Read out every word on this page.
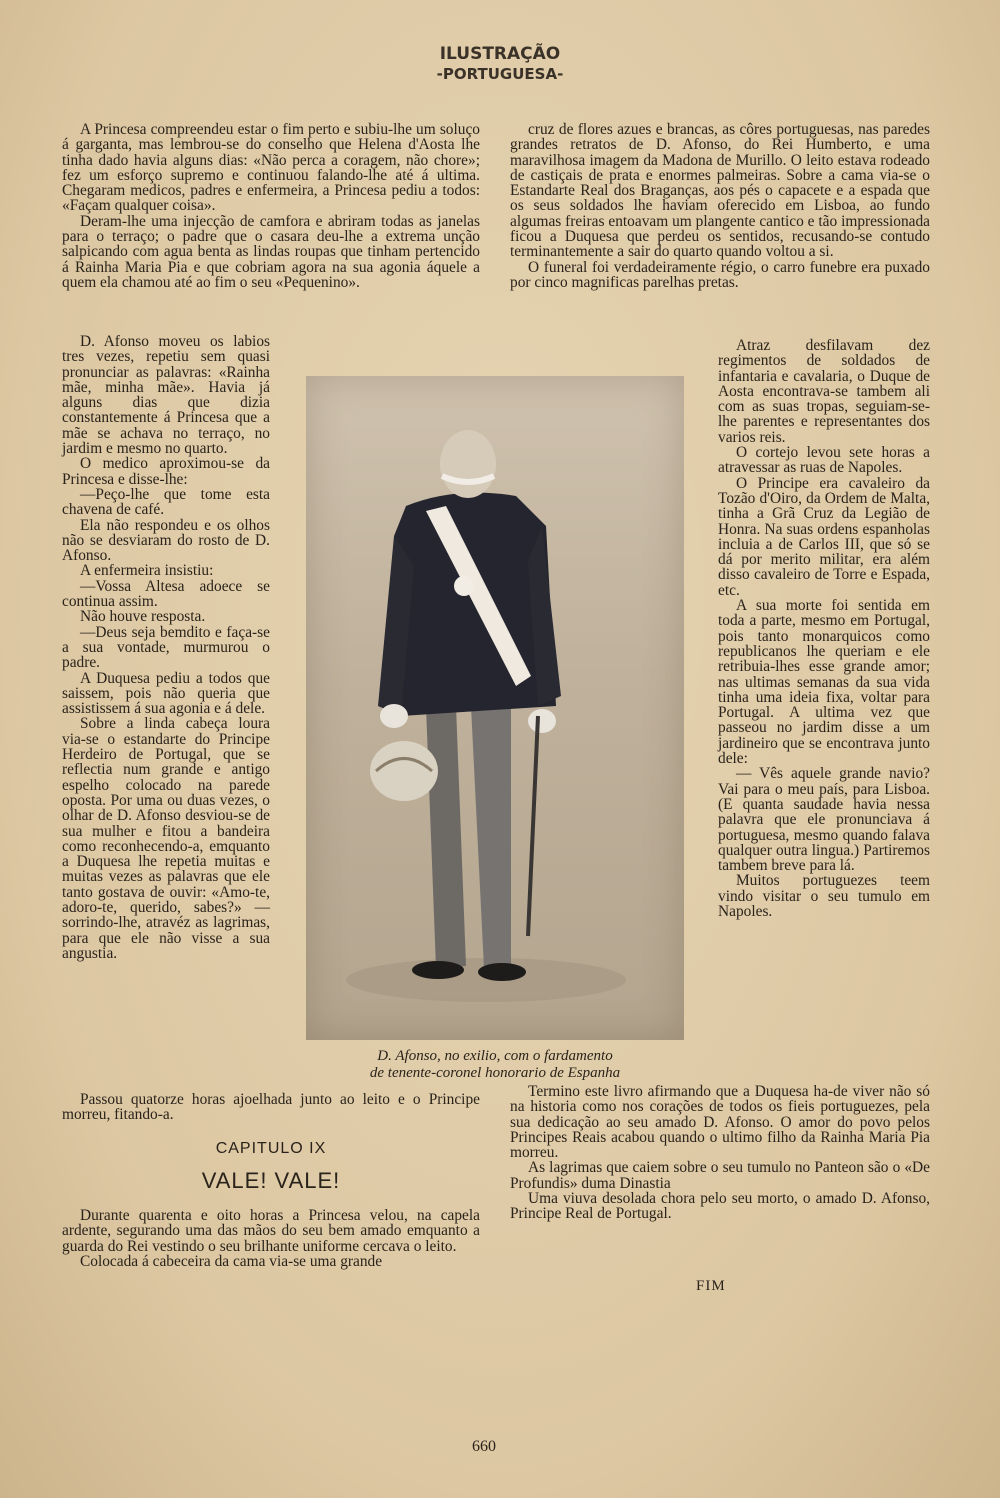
ILUSTRAÇÃO
-PORTUGUESA-

A Princesa compreendeu estar o fim perto e subiu-lhe um soluço á garganta, mas lembrou-se do conselho que Helena d'Aosta lhe tinha dado havia alguns dias: «Não perca a coragem, não chore»; fez um esforço supremo e continuou falando-lhe até á ultima. Chegaram medicos, padres e enfermeira, a Princesa pediu a todos: «Façam qualquer coisa».

Deram-lhe uma injecção de camfora e abriram todas as janelas para o terraço; o padre que o casara deu-lhe a extrema unção salpicando com agua benta as lindas roupas que tinham pertencido á Rainha Maria Pia e que cobriam agora na sua agonia áquele a quem ela chamou até ao fim o seu «Pequenino».

D. Afonso moveu os labios tres vezes, repetiu sem quasi pronunciar as palavras: «Rainha mãe, minha mãe». Havia já alguns dias que dizia constantemente á Princesa que a mãe se achava no terraço, no jardim e mesmo no quarto.

O medico aproximou-se da Princesa e disse-lhe:

—Peço-lhe que tome esta chavena de café.

Ela não respondeu e os olhos não se desviaram do rosto de D. Afonso.

A enfermeira insistiu:

—Vossa Altesa adoece se continua assim.

Não houve resposta.

—Deus seja bemdito e faça-se a sua vontade, murmurou o padre.

A Duquesa pediu a todos que saissem, pois não queria que assistissem á sua agonia e á dele.

Sobre a linda cabeça loura via-se o estandarte do Principe Herdeiro de Portugal, que se reflectia num grande e antigo espelho colocado na parede oposta. Por uma ou duas vezes, o olhar de D. Afonso desviou-se de sua mulher e fitou a bandeira como reconhecendo-a, emquanto a Duquesa lhe repetia muitas e muitas vezes as palavras que ele tanto gostava de ouvir: «Amo-te, adoro-te, querido, sabes?» —sorrindo-lhe, atravéz as lagrimas, para que ele não visse a sua angustia.

Passou quatorze horas ajoelhada junto ao leito e o Principe morreu, fitando-a.

CAPITULO IX
VALE! VALE!

Durante quarenta e oito horas a Princesa velou, na capela ardente, segurando uma das mãos do seu bem amado emquanto a guarda do Rei vestindo o seu brilhante uniforme cercava o leito.

Colocada á cabeceira da cama via-se uma grande

cruz de flores azues e brancas, as côres portuguesas, nas paredes grandes retratos de D. Afonso, do Rei Humberto, e uma maravilhosa imagem da Madona de Murillo. O leito estava rodeado de castiçais de prata e enormes palmeiras. Sobre a cama via-se o Estandarte Real dos Braganças, aos pés o capacete e a espada que os seus soldados lhe haviam oferecido em Lisboa, ao fundo algumas freiras entoavam um plangente cantico e tão impressionada ficou a Duquesa que perdeu os sentidos, recusando-se contudo terminantemente a sair do quarto quando voltou a si.

O funeral foi verdadeiramente régio, o carro funebre era puxado por cinco magnificas parelhas pretas.

Atraz desfilavam dez regimentos de soldados de infantaria e cavalaria, o Duque de Aosta encontrava-se tambem ali com as suas tropas, seguiam-se-lhe parentes e representantes dos varios reis.

O cortejo levou sete horas a atravessar as ruas de Napoles.

O Principe era cavaleiro da Tozão d'Oiro, da Ordem de Malta, tinha a Grã Cruz da Legião de Honra. Na suas ordens espanholas incluia a de Carlos III, que só se dá por merito militar, era além disso cavaleiro de Torre e Espada, etc.

A sua morte foi sentida em toda a parte, mesmo em Portugal, pois tanto monarquicos como republicanos lhe queriam e ele retribuia-lhes esse grande amor; nas ultimas semanas da sua vida tinha uma ideia fixa, voltar para Portugal. A ultima vez que passeou no jardim disse a um jardineiro que se encontrava junto dele:

— Vês aquele grande navio? Vai para o meu país, para Lisboa. (E quanta saudade havia nessa palavra que ele pronunciava á portuguesa, mesmo quando falava qualquer outra lingua.) Partiremos tambem breve para lá.

Muitos portuguezes teem vindo visitar o seu tumulo em Napoles.

Termino este livro afirmando que a Duquesa ha-de viver não só na historia como nos corações de todos os fieis portuguezes, pela sua dedicação ao seu amado D. Afonso. O amor do povo pelos Principes Reais acabou quando o ultimo filho da Rainha Maria Pia morreu.

As lagrimas que caiem sobre o seu tumulo no Panteon são o «De Profundis» duma Dinastia

Uma viuva desolada chora pelo seu morto, o amado D. Afonso, Principe Real de Portugal.

D. Afonso, no exilio, com o fardamento
de tenente-coronel honorario de Espanha
FIM
660
